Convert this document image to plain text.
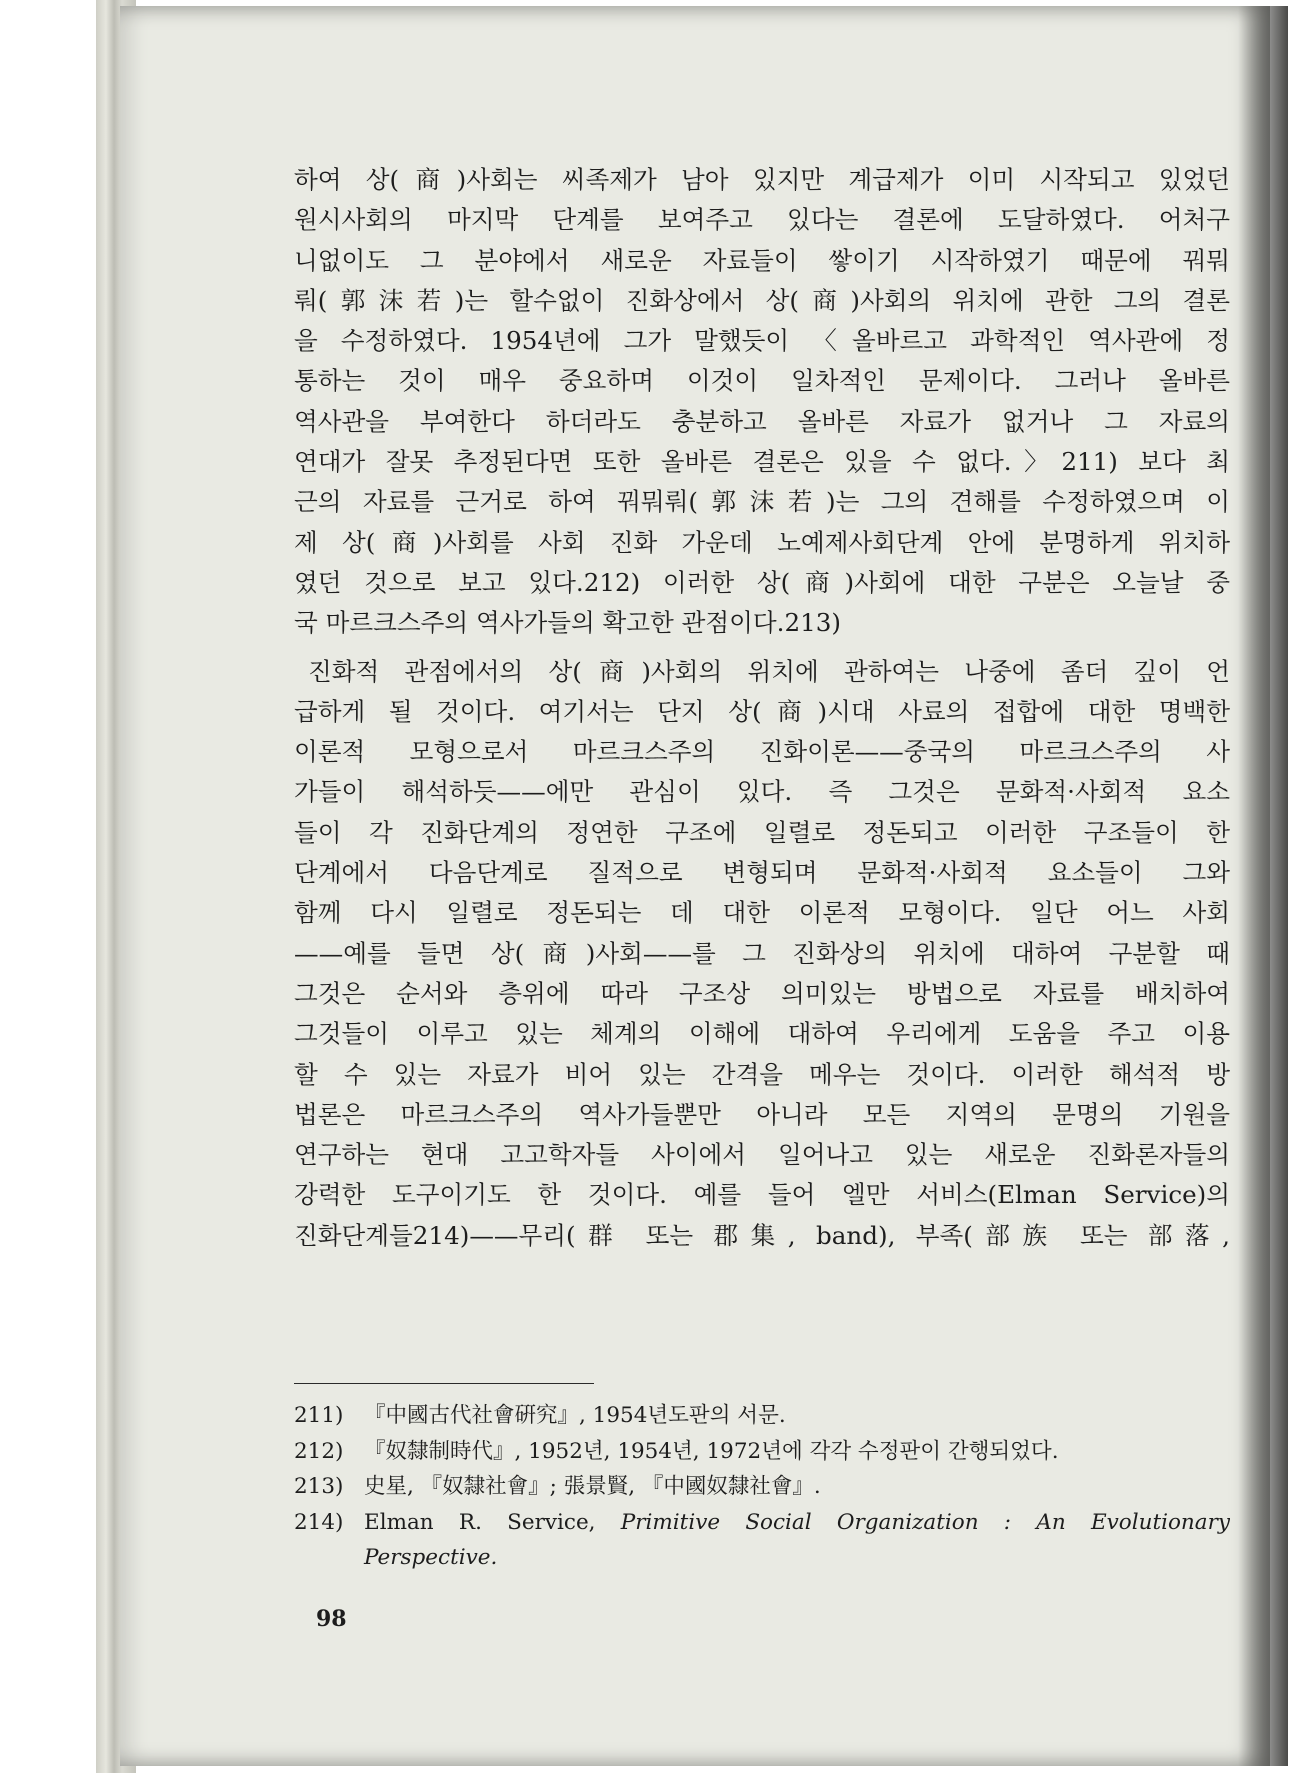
하여 상(商)사회는 씨족제가 남아 있지만 계급제가 이미 시작되고 있었던
원시사회의 마지막 단계를 보여주고 있다는 결론에 도달하였다. 어처구
니없이도 그 분야에서 새로운 자료들이 쌓이기 시작하였기 때문에 꿔뭐
뤄(郭沫若)는 할수없이 진화상에서 상(商)사회의 위치에 관한 그의 결론
을 수정하였다. 1954년에 그가 말했듯이 〈올바르고 과학적인 역사관에 정
통하는 것이 매우 중요하며 이것이 일차적인 문제이다. 그러나 올바른
역사관을 부여한다 하더라도 충분하고 올바른 자료가 없거나 그 자료의
연대가 잘못 추정된다면 또한 올바른 결론은 있을 수 없다.〉211) 보다 최
근의 자료를 근거로 하여 꿔뭐뤄(郭沫若)는 그의 견해를 수정하였으며 이
제 상(商)사회를 사회 진화 가운데 노예제사회단계 안에 분명하게 위치하
였던 것으로 보고 있다.212) 이러한 상(商)사회에 대한 구분은 오늘날 중
국 마르크스주의 역사가들의 확고한 관점이다.213)
진화적 관점에서의 상(商)사회의 위치에 관하여는 나중에 좀더 깊이 언
급하게 될 것이다. 여기서는 단지 상(商)시대 사료의 접합에 대한 명백한
이론적 모형으로서 마르크스주의 진화이론——중국의 마르크스주의 사
가들이 해석하듯——에만 관심이 있다. 즉 그것은 문화적·사회적 요소
들이 각 진화단계의 정연한 구조에 일렬로 정돈되고 이러한 구조들이 한
단계에서 다음단계로 질적으로 변형되며 문화적·사회적 요소들이 그와
함께 다시 일렬로 정돈되는 데 대한 이론적 모형이다. 일단 어느 사회
——예를 들면 상(商)사회——를 그 진화상의 위치에 대하여 구분할 때
그것은 순서와 층위에 따라 구조상 의미있는 방법으로 자료를 배치하여
그것들이 이루고 있는 체계의 이해에 대하여 우리에게 도움을 주고 이용
할 수 있는 자료가 비어 있는 간격을 메우는 것이다. 이러한 해석적 방
법론은 마르크스주의 역사가들뿐만 아니라 모든 지역의 문명의 기원을
연구하는 현대 고고학자들 사이에서 일어나고 있는 새로운 진화론자들의
강력한 도구이기도 한 것이다. 예를 들어 엘만 서비스(Elman Service)의
진화단계들214)——무리(群 또는 郡集, band), 부족(部族 또는 部落,
211) 『中國古代社會硏究』, 1954년도판의 서문.
212) 『奴隸制時代』, 1952년, 1954년, 1972년에 각각 수정판이 간행되었다.
213) 史星, 『奴隸社會』; 張景賢, 『中國奴隸社會』.
214) Elman R. Service, Primitive Social Organization : An Evolutionary
Perspective.
98
